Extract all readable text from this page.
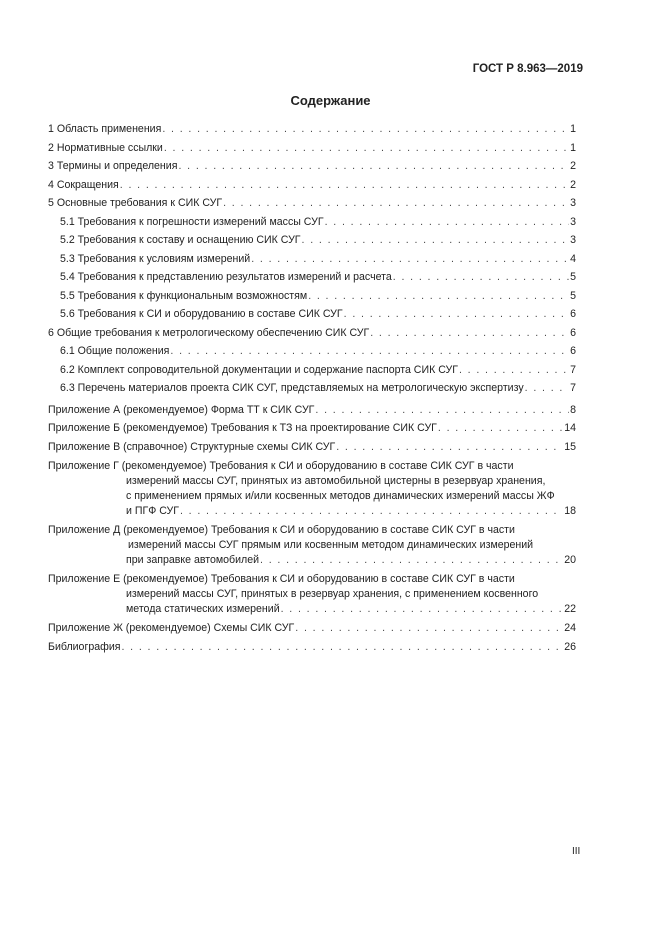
ГОСТ Р 8.963—2019
Содержание
1 Область применения . . .	1
2 Нормативные ссылки . . .	1
3 Термины и определения . . .	2
4 Сокращения . . .	2
5 Основные требования к СИК СУГ . . .	3
5.1 Требования к погрешности измерений массы СУГ . . .	3
5.2 Требования к составу и оснащению СИК СУГ . . .	3
5.3 Требования к условиям измерений . . .	4
5.4 Требования к представлению результатов измерений и расчета . . .	5
5.5 Требования к функциональным возможностям . . .	5
5.6 Требования к СИ и оборудованию в составе СИК СУГ . . .	6
6 Общие требования к метрологическому обеспечению СИК СУГ . . .	6
6.1 Общие положения . . .	6
6.2 Комплект сопроводительной документации и содержание паспорта СИК СУГ . . .	7
6.3 Перечень материалов проекта СИК СУГ, представляемых на метрологическую экспертизу . . .	7
Приложение А (рекомендуемое) Форма ТТ к СИК СУГ . . .	8
Приложение Б (рекомендуемое) Требования к ТЗ на проектирование СИК СУГ . . .	14
Приложение В (справочное) Структурные схемы СИК СУГ . . .	15
Приложение Г (рекомендуемое) Требования к СИ и оборудованию в составе СИК СУГ в части
измерений массы СУГ, принятых из автомобильной цистерны в резервуар хранения,
с применением прямых и/или косвенных методов динамических измерений массы ЖФ
и ПГФ СУГ . . .	18
Приложение Д (рекомендуемое) Требования к СИ и оборудованию в составе СИК СУГ в части
измерений массы СУГ прямым или косвенным методом динамических измерений
при заправке автомобилей . . .	20
Приложение Е (рекомендуемое) Требования к СИ и оборудованию в составе СИК СУГ в части
измерений массы СУГ, принятых в резервуар хранения, с применением косвенного
метода статических измерений . . .	22
Приложение Ж (рекомендуемое) Схемы СИК СУГ . . .	24
Библиография . . .	26
III
